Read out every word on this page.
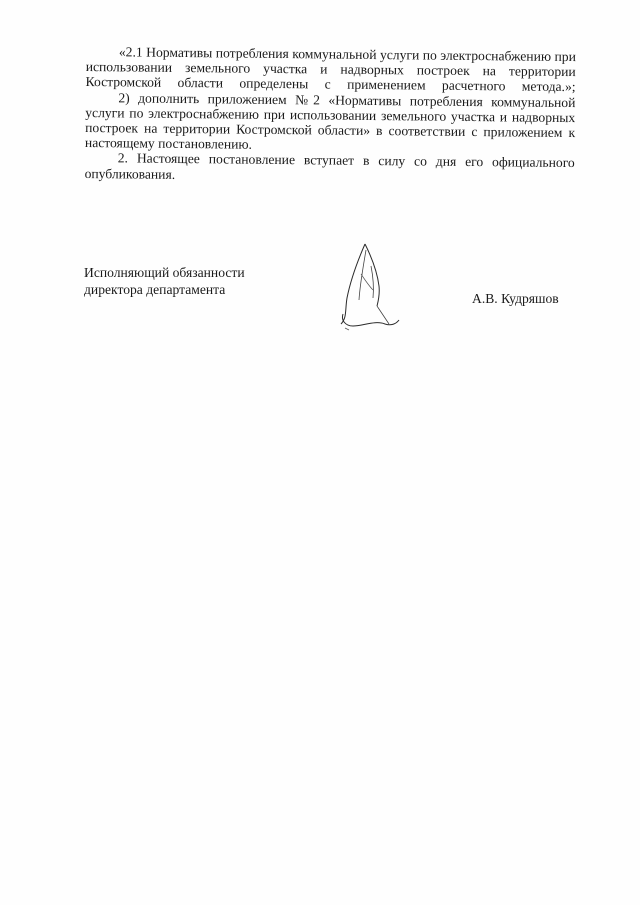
«2.1 Нормативы потребления коммунальной услуги по электроснабжению при использовании земельного участка и надворных построек на территории Костромской области определены с применением расчетного метода.»;

2) дополнить приложением №2 «Нормативы потребления коммунальной услуги по электроснабжению при использовании земельного участка и надворных построек на территории Костромской области» в соответствии с приложением к настоящему постановлению.

2. Настоящее постановление вступает в силу со дня его официального опубликования.

Исполняющий обязанности
директора департамента
А.В. Кудряшов
